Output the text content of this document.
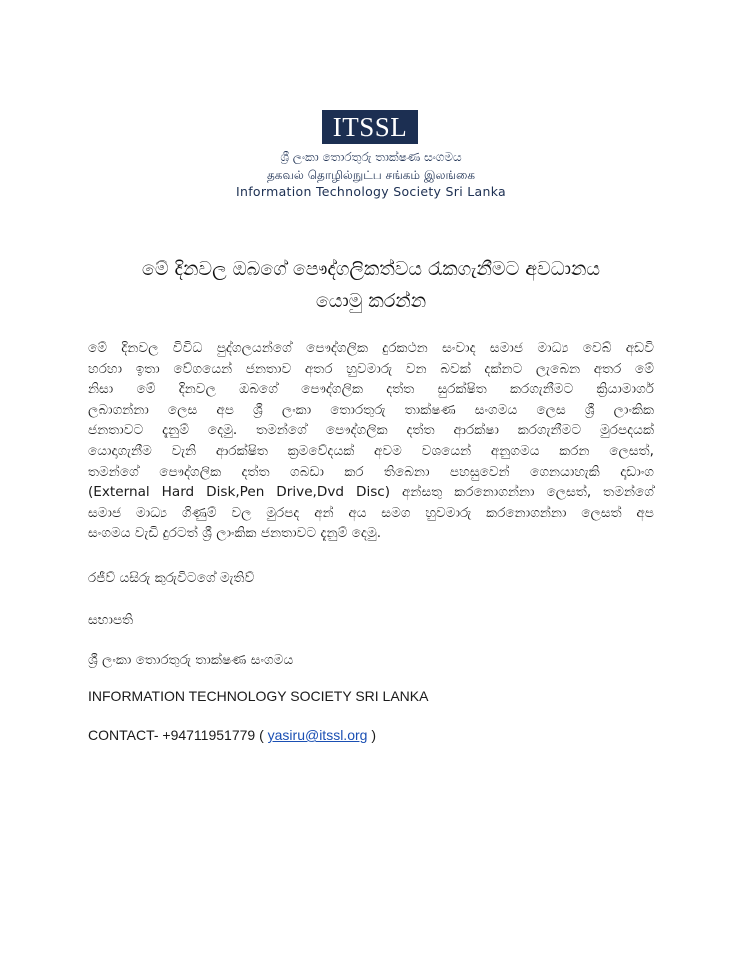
ITSSL
ශ්‍රී ලංකා තොරතුරු තාක්ෂණ සංගමය
தகவல் தொழில்நுட்ப சங்கம் இலங்கை
Information Technology Society Sri Lanka
මේ දිනවල ඔබගේ පෞද්ගලිකත්වය රැකගැනීමට අවධානය
යොමු කරන්න
මේ දිනවල විවිධ පුද්ගලයන්ගේ පෞද්ගලික දුරකථන සංවාද සමාජ මාධ්‍ය වෙබ් අඩවි
හරහා ඉතා වේගයෙන් ජනතාව අතර හුවමාරු වන බවක් දක්නට ලැබෙන අතර මේ
නිසා මේ දිනවල ඔබගේ පෞද්ගලික දත්ත සුරක්ෂිත කරගැනීමට ක්‍රියාමාර්ග
ලබාගන්නා ලෙස අප ශ්‍රී ලංකා තොරතුරු තාක්ෂණ සංගමය ලෙස ශ්‍රී ලාංකික
ජනතාවට දැනුම් දෙමු. තමන්ගේ පෞද්ගලික දත්ත ආරක්ෂා කරගැනීමට මුරපදයක්
යොදාගැනීම වැනි ආරක්ෂිත ක්‍රමවේදයක් අවම වශයෙන් අනුගමය කරන ලෙසත්,
තමන්ගේ පෞද්ගලික දත්ත ගබඩා කර තිබෙනා පහසුවෙන් ගෙනයාහැකි දෘඩාංග
(External Hard Disk,Pen Drive,Dvd Disc) අන්සතු කරනොගන්නා ලෙසත්, තමන්ගේ
සමාජ මාධ්‍ය ගිණුම් වල මුරපද අන් අය සමග හුවමාරු කරනොගන්නා ලෙසත් අප
සංගමය වැඩි දුරටත් ශ්‍රී ලාංකික ජනතාවට දැනුම් දෙමු.
රජීව් යසිරු කුරුවිටගේ මැතිව්
සභාපති
ශ්‍රී ලංකා තොරතුරු තාක්ෂණ සංගමය
INFORMATION TECHNOLOGY SOCIETY SRI LANKA
CONTACT- +94711951779 ( yasiru@itssl.org )
